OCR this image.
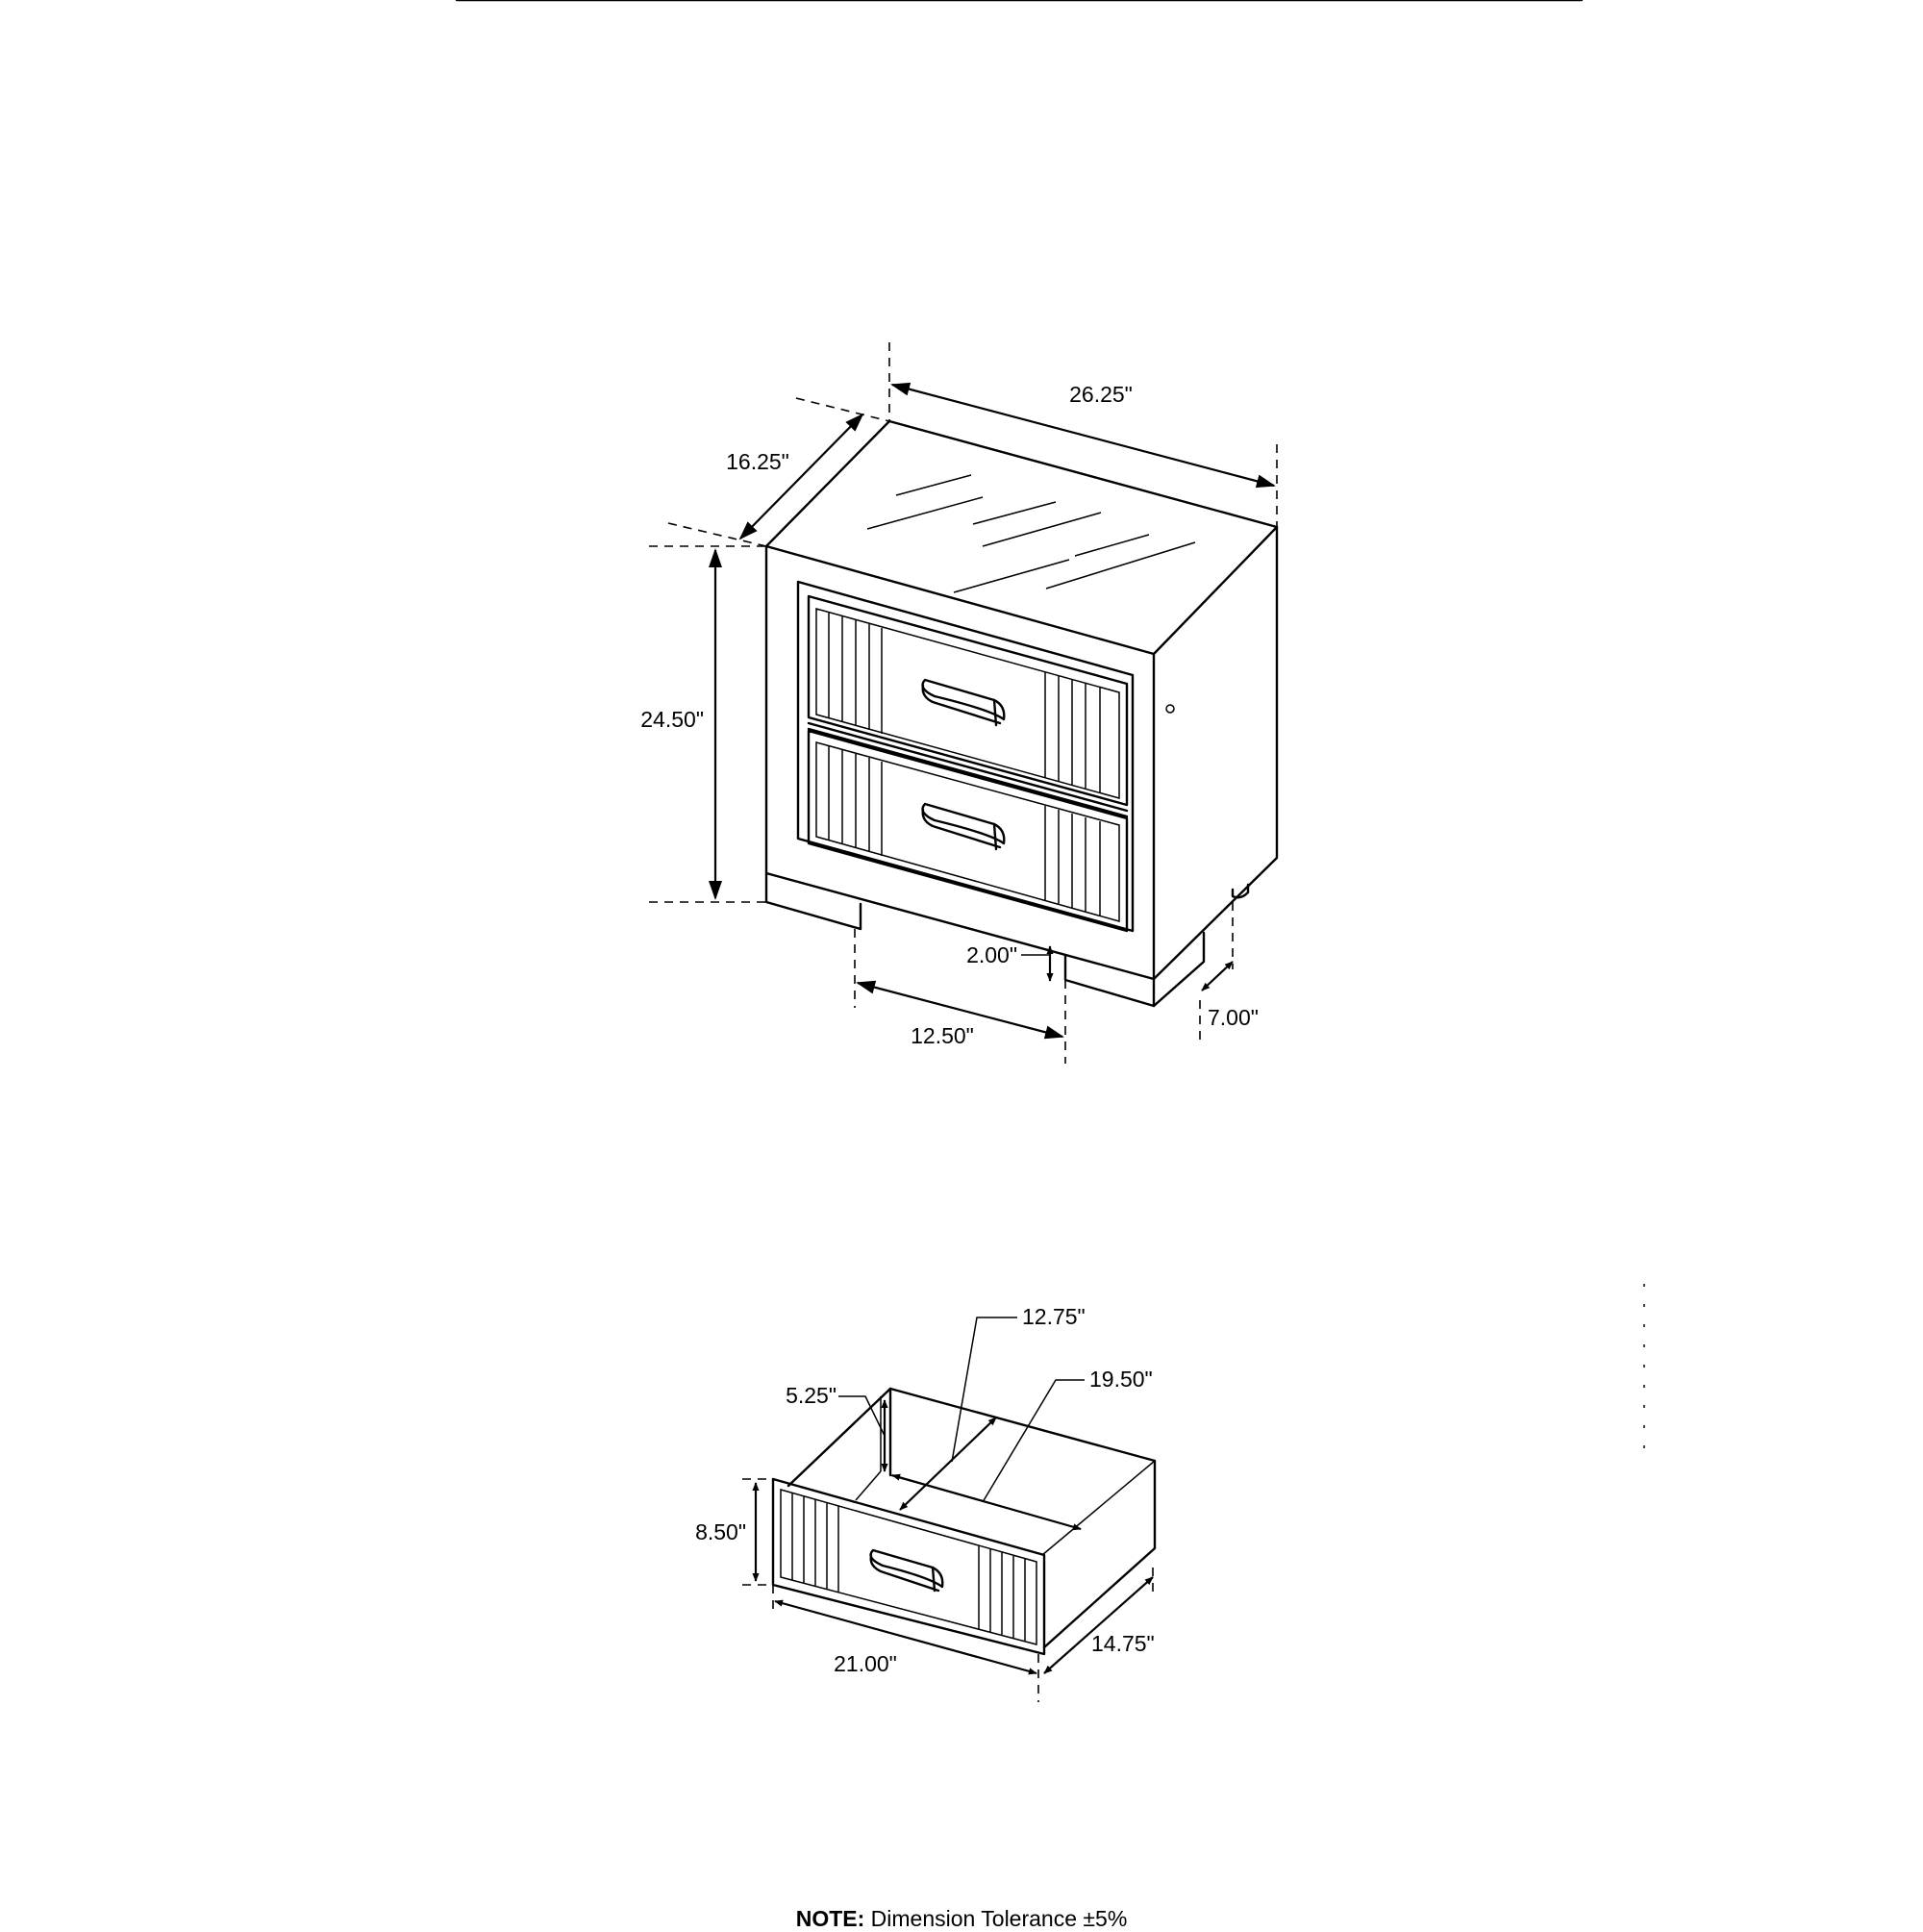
26.25"
16.25"
24.50"
2.00"
12.50"
7.00"
12.75"
19.50"
5.25"
8.50"
21.00"
14.75"
NOTE: Dimension Tolerance ±5%
